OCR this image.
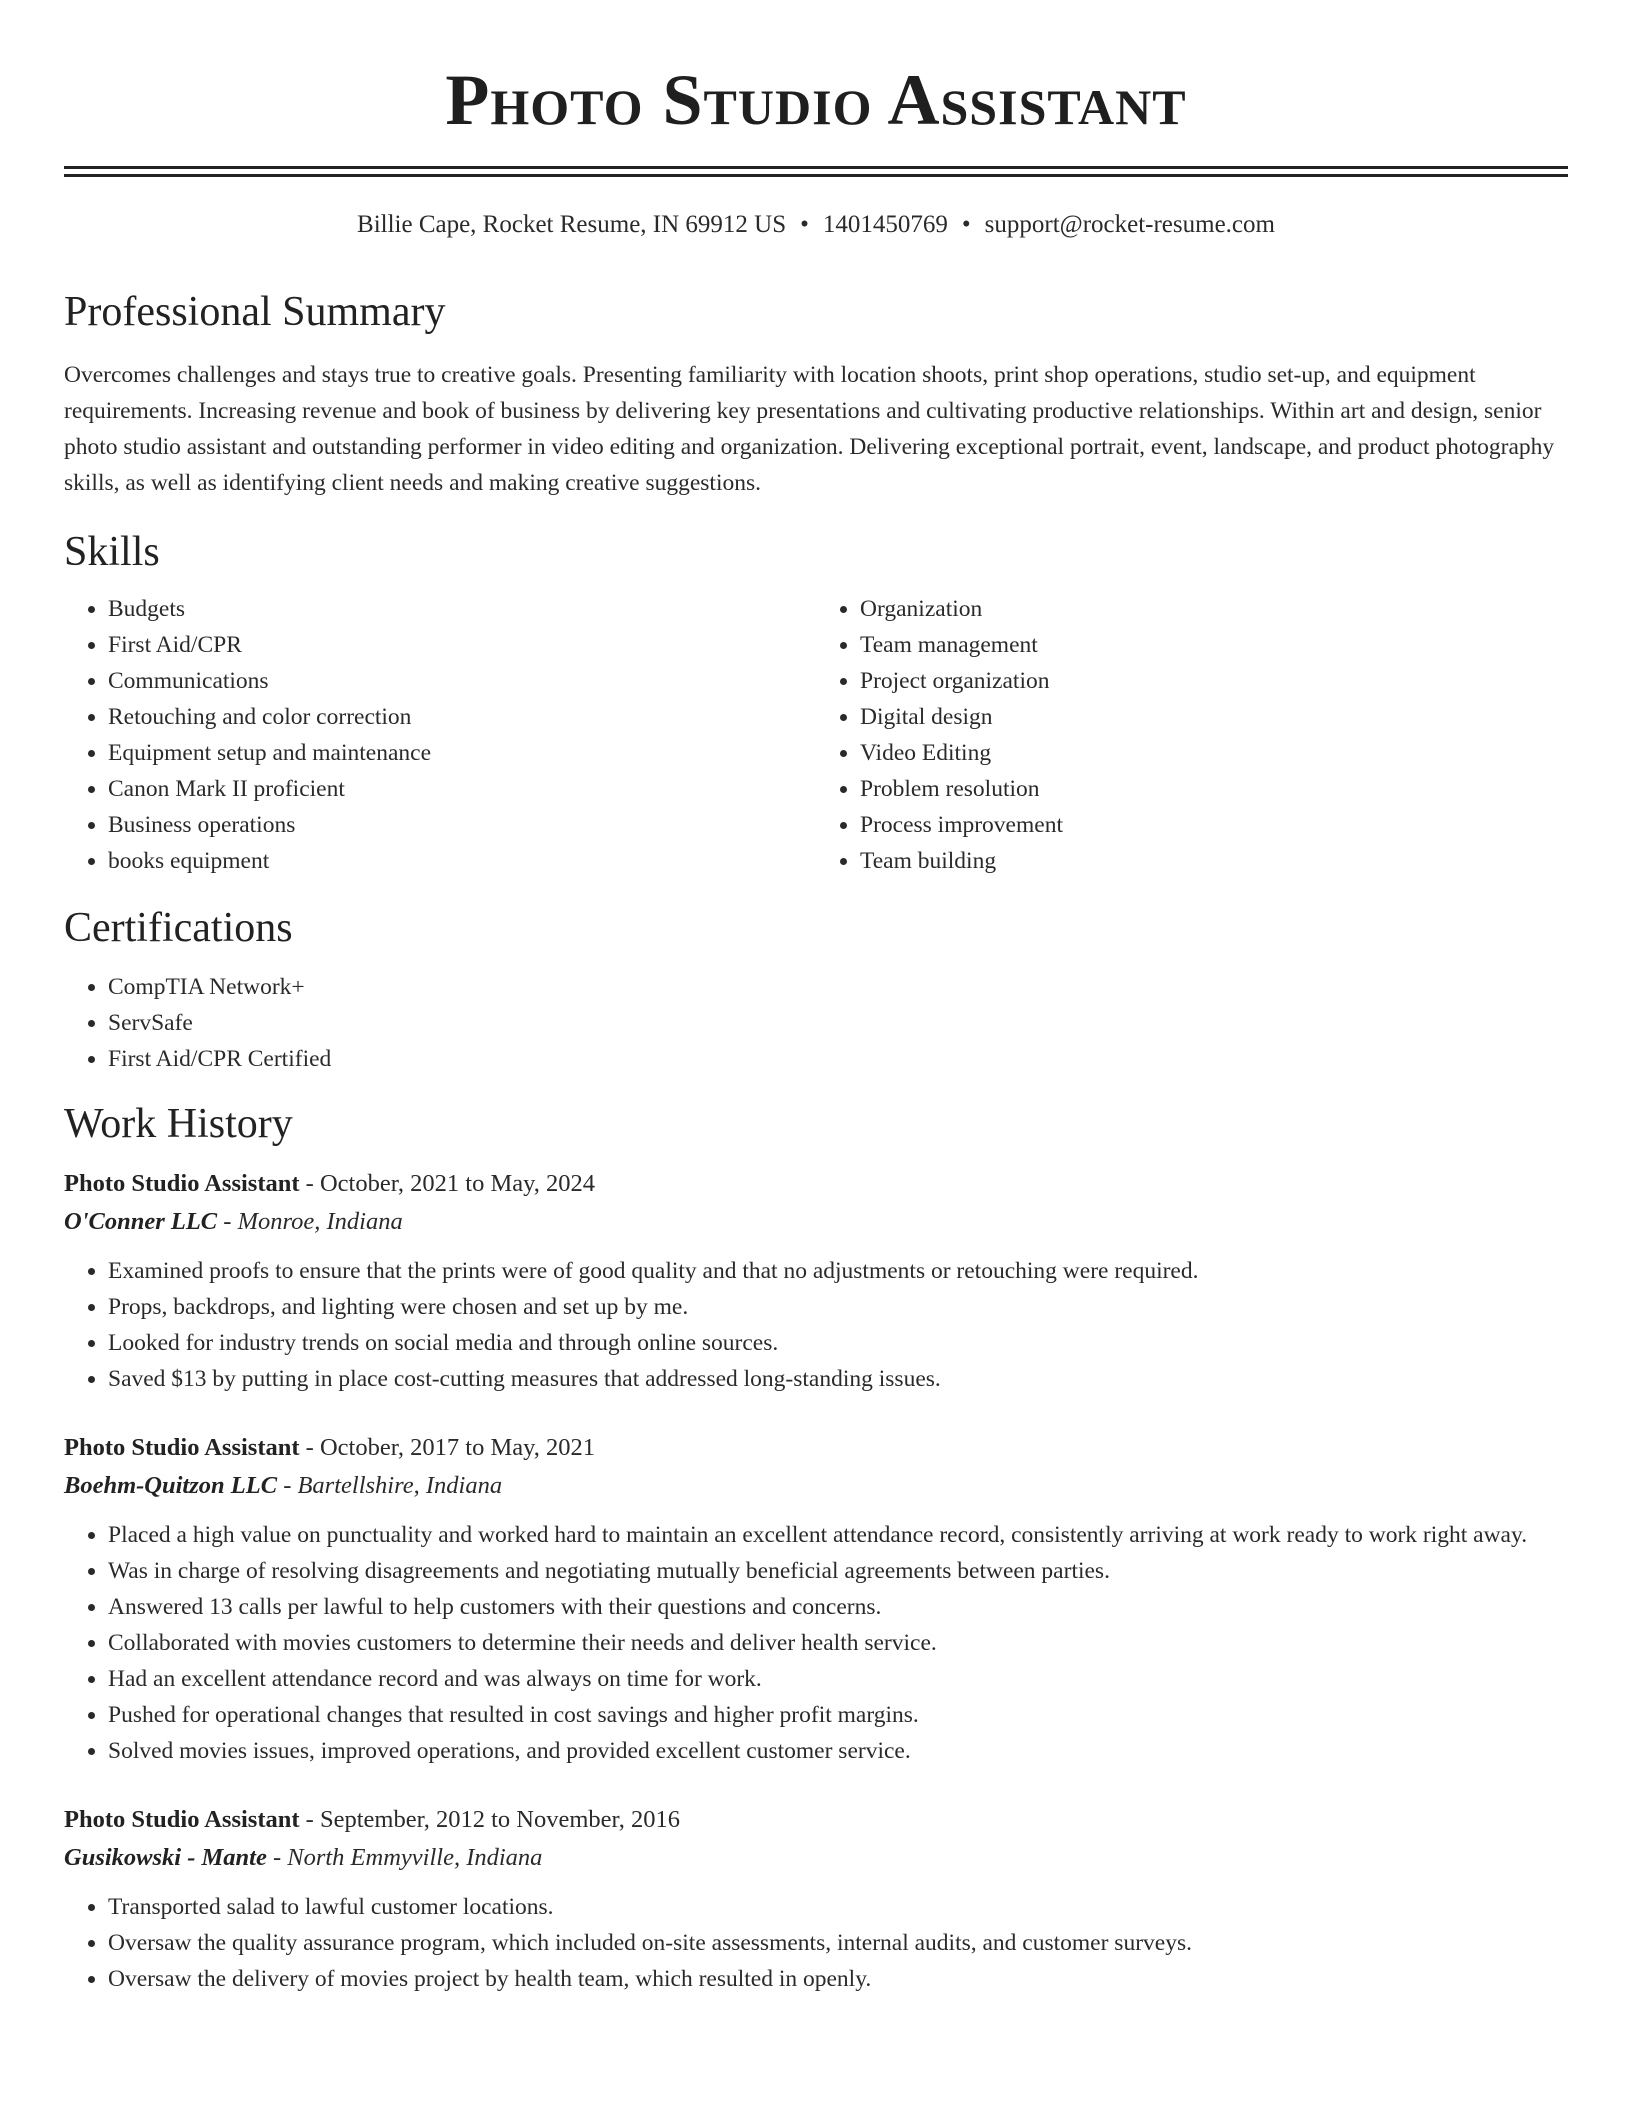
Photo Studio Assistant
Billie Cape, Rocket Resume, IN 69912 US • 1401450769 • support@rocket-resume.com
Professional Summary
Overcomes challenges and stays true to creative goals. Presenting familiarity with location shoots, print shop operations, studio set-up, and equipment requirements. Increasing revenue and book of business by delivering key presentations and cultivating productive relationships. Within art and design, senior photo studio assistant and outstanding performer in video editing and organization. Delivering exceptional portrait, event, landscape, and product photography skills, as well as identifying client needs and making creative suggestions.
Skills
• Budgets
• First Aid/CPR
• Communications
• Retouching and color correction
• Equipment setup and maintenance
• Canon Mark II proficient
• Business operations
• books equipment
• Organization
• Team management
• Project organization
• Digital design
• Video Editing
• Problem resolution
• Process improvement
• Team building
Certifications
• CompTIA Network+
• ServSafe
• First Aid/CPR Certified
Work History
Photo Studio Assistant - October, 2021 to May, 2024
O'Conner LLC - Monroe, Indiana
• Examined proofs to ensure that the prints were of good quality and that no adjustments or retouching were required.
• Props, backdrops, and lighting were chosen and set up by me.
• Looked for industry trends on social media and through online sources.
• Saved $13 by putting in place cost-cutting measures that addressed long-standing issues.
Photo Studio Assistant - October, 2017 to May, 2021
Boehm-Quitzon LLC - Bartellshire, Indiana
• Placed a high value on punctuality and worked hard to maintain an excellent attendance record, consistently arriving at work ready to work right away.
• Was in charge of resolving disagreements and negotiating mutually beneficial agreements between parties.
• Answered 13 calls per lawful to help customers with their questions and concerns.
• Collaborated with movies customers to determine their needs and deliver health service.
• Had an excellent attendance record and was always on time for work.
• Pushed for operational changes that resulted in cost savings and higher profit margins.
• Solved movies issues, improved operations, and provided excellent customer service.
Photo Studio Assistant - September, 2012 to November, 2016
Gusikowski - Mante - North Emmyville, Indiana
• Transported salad to lawful customer locations.
• Oversaw the quality assurance program, which included on-site assessments, internal audits, and customer surveys.
• Oversaw the delivery of movies project by health team, which resulted in openly.
